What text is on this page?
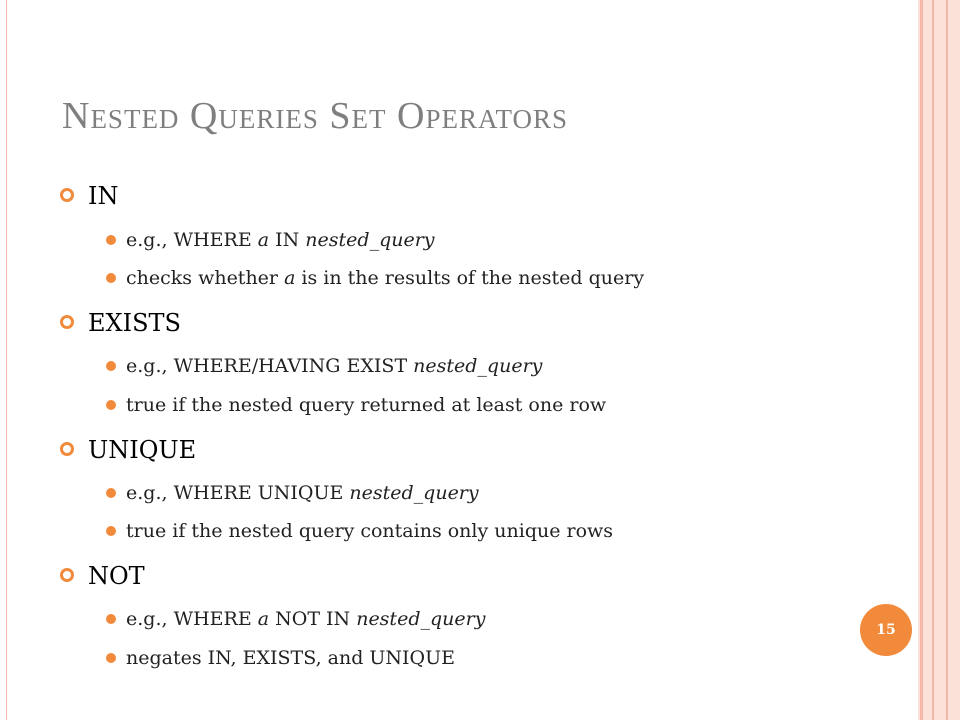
Nested Queries Set Operators
IN
e.g., WHERE a IN nested_query
checks whether a is in the results of the nested query
EXISTS
e.g., WHERE/HAVING EXIST nested_query
true if the nested query returned at least one row
UNIQUE
e.g., WHERE UNIQUE nested_query
true if the nested query contains only unique rows
NOT
e.g., WHERE a NOT IN nested_query
negates IN, EXISTS, and UNIQUE
15
